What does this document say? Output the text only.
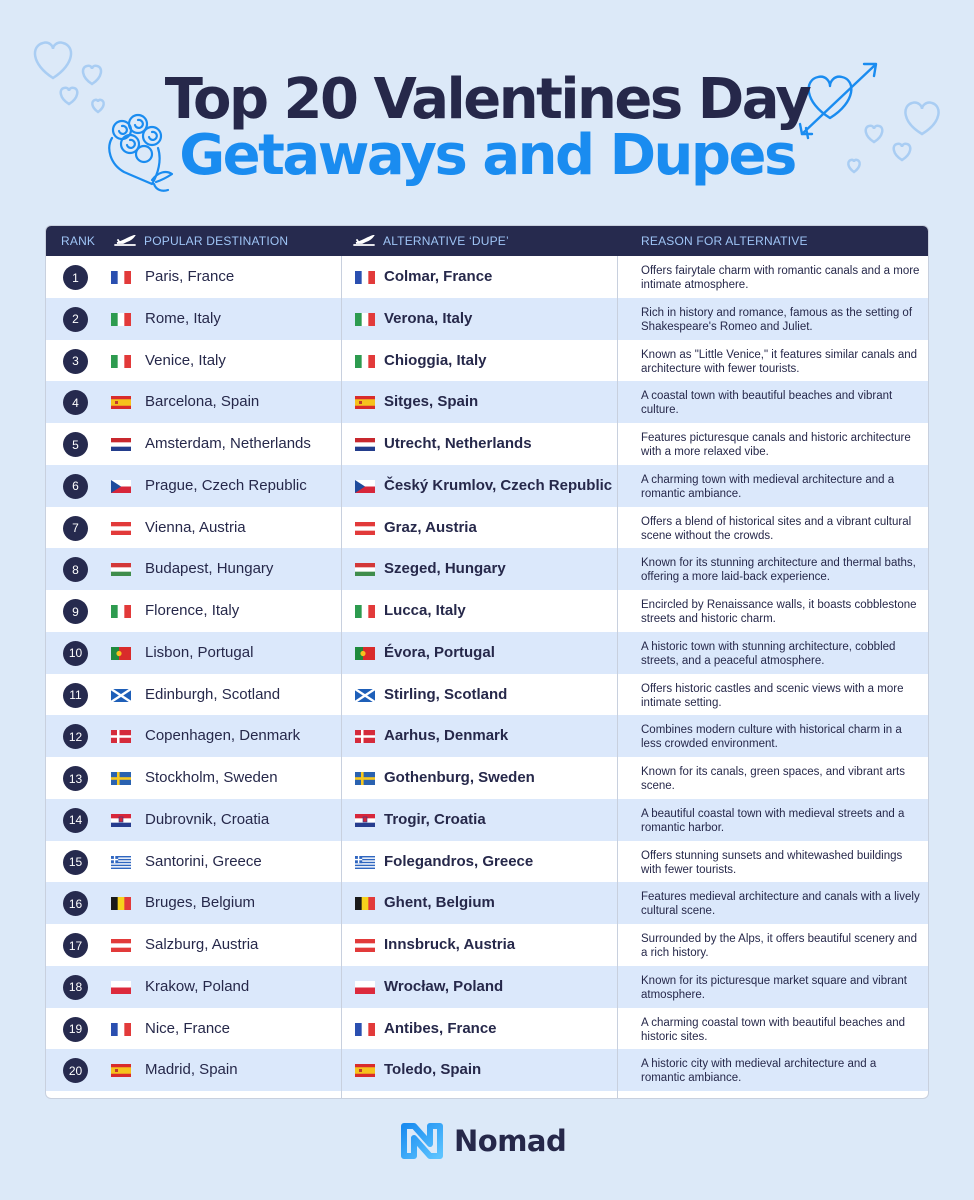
Top 20 Valentines Day
Getaways and Dupes
RANK	POPULAR DESTINATION	ALTERNATIVE ‘DUPE’	REASON FOR ALTERNATIVE
1	Paris, France	Colmar, France	Offers fairytale charm with romantic canals and a more intimate atmosphere.
2	Rome, Italy	Verona, Italy	Rich in history and romance, famous as the setting of Shakespeare's Romeo and Juliet.
3	Venice, Italy	Chioggia, Italy	Known as "Little Venice," it features similar canals and architecture with fewer tourists.
4	Barcelona, Spain	Sitges, Spain	A coastal town with beautiful beaches and vibrant culture.
5	Amsterdam, Netherlands	Utrecht, Netherlands	Features picturesque canals and historic architecture with a more relaxed vibe.
6	Prague, Czech Republic	Český Krumlov, Czech Republic	A charming town with medieval architecture and a romantic ambiance.
7	Vienna, Austria	Graz, Austria	Offers a blend of historical sites and a vibrant cultural scene without the crowds.
8	Budapest, Hungary	Szeged, Hungary	Known for its stunning architecture and thermal baths, offering a more laid-back experience.
9	Florence, Italy	Lucca, Italy	Encircled by Renaissance walls, it boasts cobblestone streets and historic charm.
10	Lisbon, Portugal	Évora, Portugal	A historic town with stunning architecture, cobbled streets, and a peaceful atmosphere.
11	Edinburgh, Scotland	Stirling, Scotland	Offers historic castles and scenic views with a more intimate setting.
12	Copenhagen, Denmark	Aarhus, Denmark	Combines modern culture with historical charm in a less crowded environment.
13	Stockholm, Sweden	Gothenburg, Sweden	Known for its canals, green spaces, and vibrant arts scene.
14	Dubrovnik, Croatia	Trogir, Croatia	A beautiful coastal town with medieval streets and a romantic harbor.
15	Santorini, Greece	Folegandros, Greece	Offers stunning sunsets and whitewashed buildings with fewer tourists.
16	Bruges, Belgium	Ghent, Belgium	Features medieval architecture and canals with a lively cultural scene.
17	Salzburg, Austria	Innsbruck, Austria	Surrounded by the Alps, it offers beautiful scenery and a rich history.
18	Krakow, Poland	Wrocław, Poland	Known for its picturesque market square and vibrant atmosphere.
19	Nice, France	Antibes, France	A charming coastal town with beautiful beaches and historic sites.
20	Madrid, Spain	Toledo, Spain	A historic city with medieval architecture and a romantic ambiance.
Nomad
